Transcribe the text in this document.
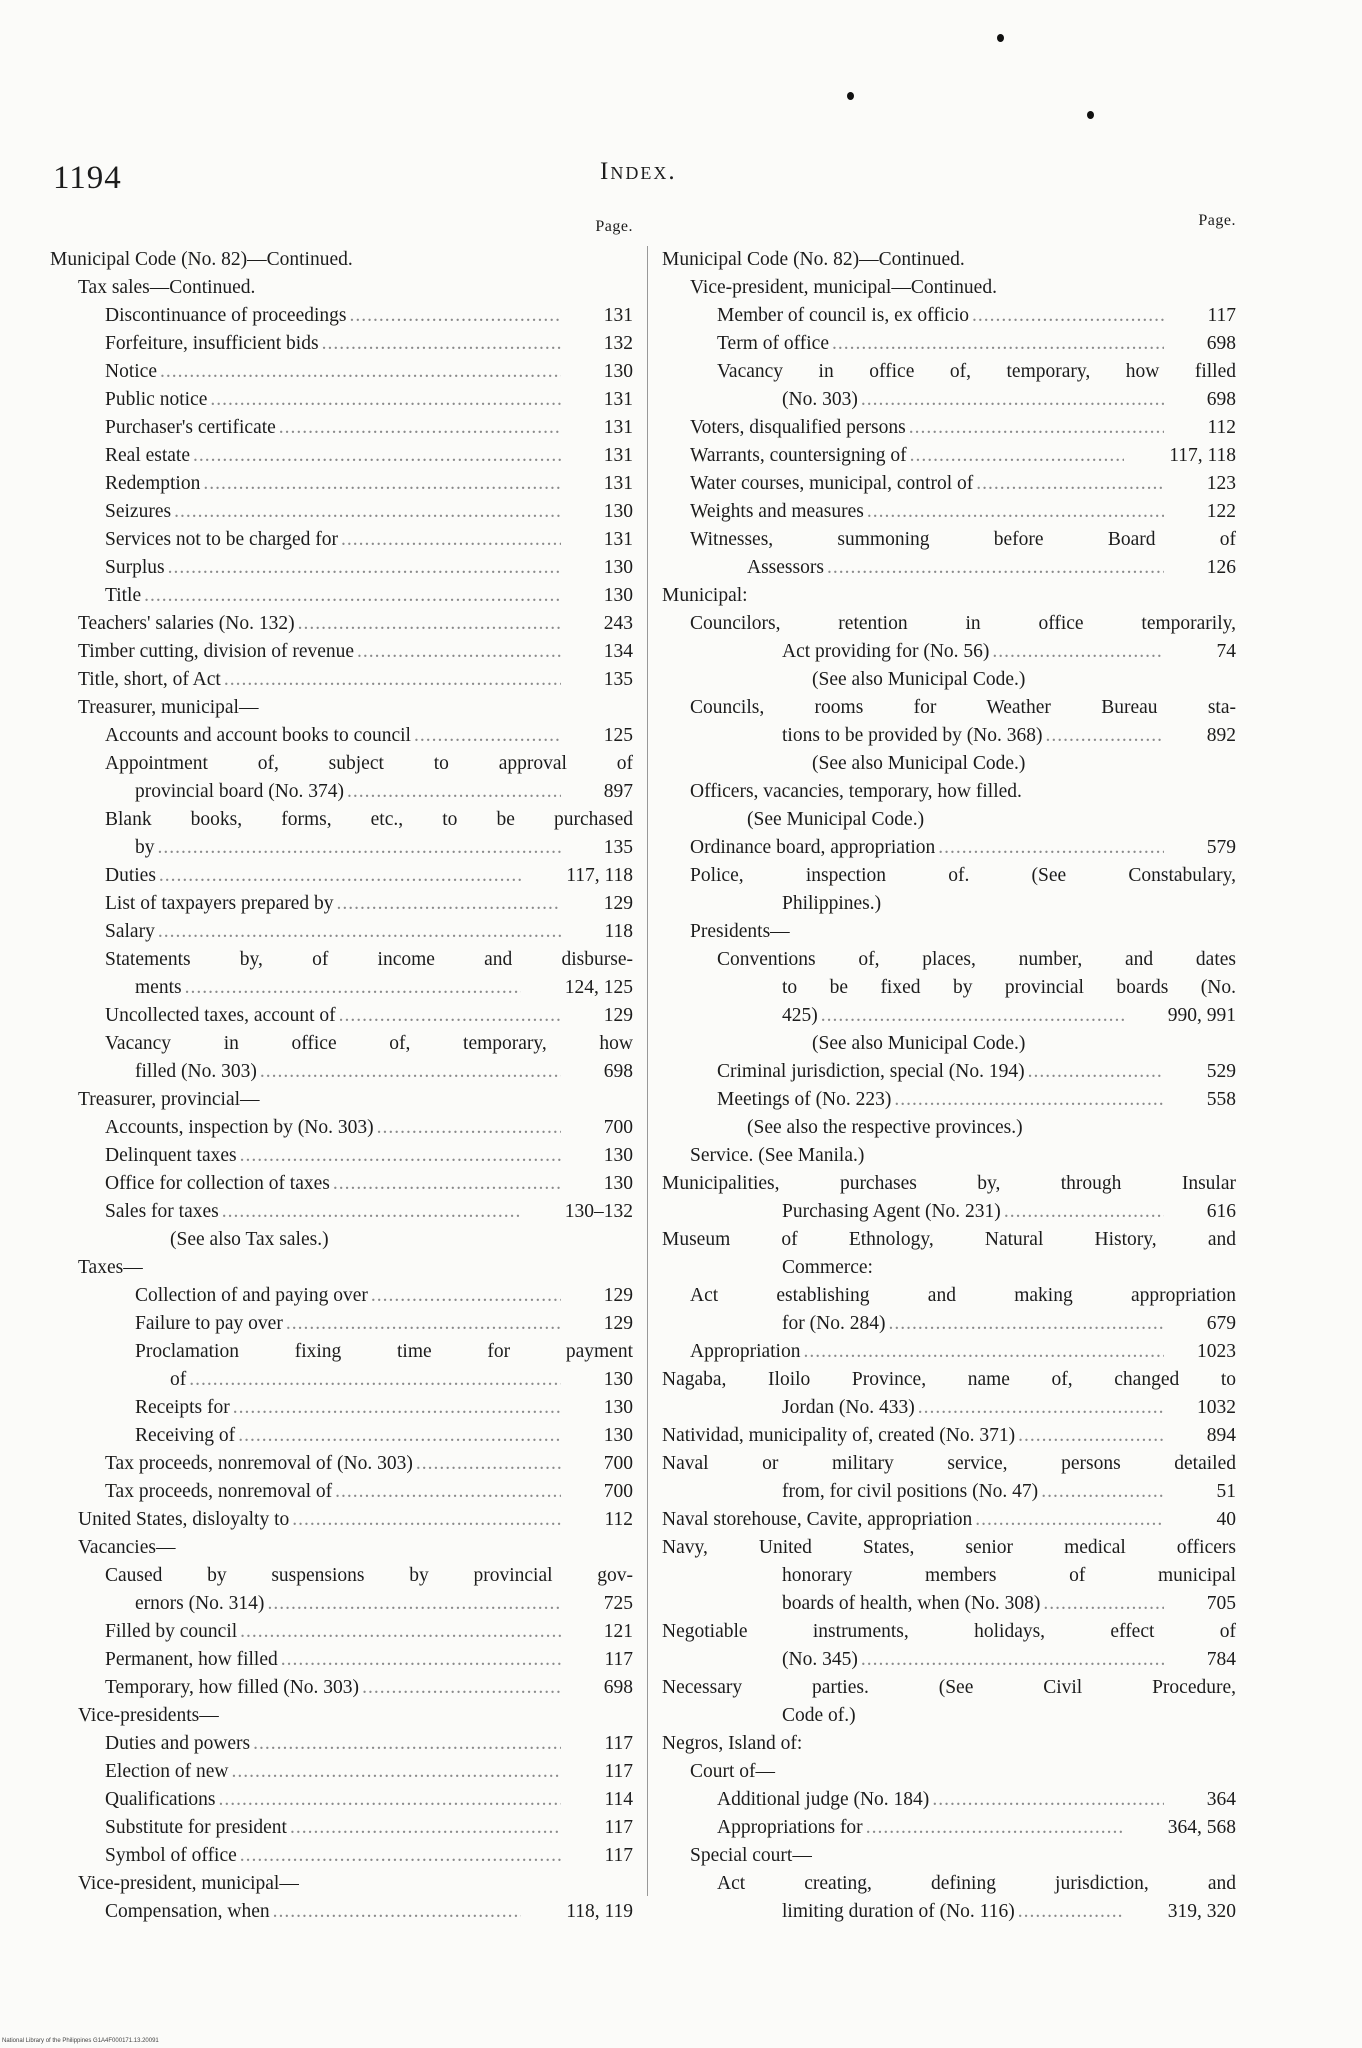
1194	Index.
Page.
Municipal Code (No. 82)—Continued.
Tax sales—Continued.
Discontinuance of proceedings .....	131
Forfeiture, insufficient bids .....	132
Notice .....	130
Public notice .....	131
Purchaser's certificate .....	131
Real estate .....	131
Redemption .....	131
Seizures .....	130
Services not to be charged for .....	131
Surplus .....	130
Title .....	130
Teachers' salaries (No. 132) .....	243
Timber cutting, division of revenue .....	134
Title, short, of Act .....	135
Treasurer, municipal—
Accounts and account books to council .....	125
Appointment of, subject to approval of
provincial board (No. 374) .....	897
Blank books, forms, etc., to be purchased
by .....	135
Duties .....	117, 118
List of taxpayers prepared by .....	129
Salary .....	118
Statements by, of income and disburse-
ments .....	124, 125
Uncollected taxes, account of .....	129
Vacancy in office of, temporary, how
filled (No. 303) .....	698
Treasurer, provincial—
Accounts, inspection by (No. 303) .....	700
Delinquent taxes .....	130
Office for collection of taxes .....	130
Sales for taxes .....	130–132
(See also Tax sales.)
Taxes—
Collection of and paying over .....	129
Failure to pay over .....	129
Proclamation fixing time for payment
of .....	130
Receipts for .....	130
Receiving of .....	130
Tax proceeds, nonremoval of (No. 303) .....	700
Tax proceeds, nonremoval of .....	700
United States, disloyalty to .....	112
Vacancies—
Caused by suspensions by provincial gov-
ernors (No. 314) .....	725
Filled by council .....	121
Permanent, how filled .....	117
Temporary, how filled (No. 303) .....	698
Vice-presidents—
Duties and powers .....	117
Election of new .....	117
Qualifications .....	114
Substitute for president .....	117
Symbol of office .....	117
Vice-president, municipal—
Compensation, when .....	118, 119
Page.
Municipal Code (No. 82)—Continued.
Vice-president, municipal—Continued.
Member of council is, ex officio .....	117
Term of office .....	698
Vacancy in office of, temporary, how filled
(No. 303) .....	698
Voters, disqualified persons .....	112
Warrants, countersigning of .....	117, 118
Water courses, municipal, control of .....	123
Weights and measures .....	122
Witnesses, summoning before Board of
Assessors .....	126
Municipal:
Councilors, retention in office temporarily,
Act providing for (No. 56) .....	74
(See also Municipal Code.)
Councils, rooms for Weather Bureau sta-
tions to be provided by (No. 368) .....	892
(See also Municipal Code.)
Officers, vacancies, temporary, how filled.
(See Municipal Code.)
Ordinance board, appropriation .....	579
Police, inspection of. (See Constabulary,
Philippines.)
Presidents—
Conventions of, places, number, and dates
to be fixed by provincial boards (No.
425) .....	990, 991
(See also Municipal Code.)
Criminal jurisdiction, special (No. 194) .....	529
Meetings of (No. 223) .....	558
(See also the respective provinces.)
Service. (See Manila.)
Municipalities, purchases by, through Insular
Purchasing Agent (No. 231) .....	616
Museum of Ethnology, Natural History, and
Commerce:
Act establishing and making appropriation
for (No. 284) .....	679
Appropriation .....	1023
Nagaba, Iloilo Province, name of, changed to
Jordan (No. 433) .....	1032
Natividad, municipality of, created (No. 371) .....	894
Naval or military service, persons detailed
from, for civil positions (No. 47) .....	51
Naval storehouse, Cavite, appropriation .....	40
Navy, United States, senior medical officers
honorary members of municipal
boards of health, when (No. 308) .....	705
Negotiable instruments, holidays, effect of
(No. 345) .....	784
Necessary parties. (See Civil Procedure,
Code of.)
Negros, Island of:
Court of—
Additional judge (No. 184) .....	364
Appropriations for .....	364, 568
Special court—
Act creating, defining jurisdiction, and
limiting duration of (No. 116) .....	319, 320
National Library of the Philippines G1A4F000171.13.20091
